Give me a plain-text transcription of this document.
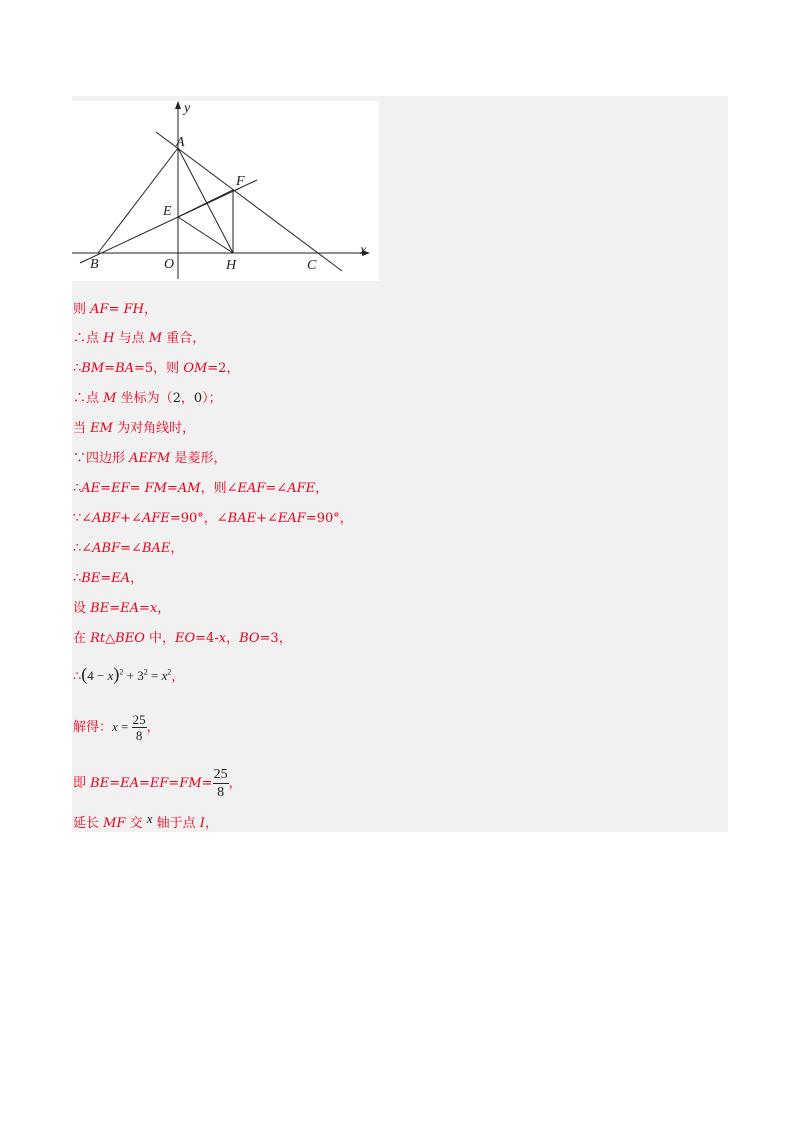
y
x
A
F
E
B	O	H	C
则 AF= FH，
∴点 H 与点 M 重合，
∴BM=BA=5，则 OM=2，
∴点 M 坐标为（2，0）；
当 EM 为对角线时，
∵四边形 AEFM 是菱形，
∴AE=EF= FM=AM，则∠EAF=∠AFE，
∵∠ABF+∠AFE=90°，∠BAE+∠EAF=90°，
∴∠ABF=∠BAE，
∴BE=EA，
设 BE=EA=x，
在 Rt△BEO 中，EO=4-x，BO=3，
∴(4 − $x)^2 + 3^2 = x^2$，
解得：$x = \frac{25}{8}$ ，
即 $BE=EA=EF=FM= \frac{25}{8}$ ，
延长 MF 交 x 轴于点 I，
